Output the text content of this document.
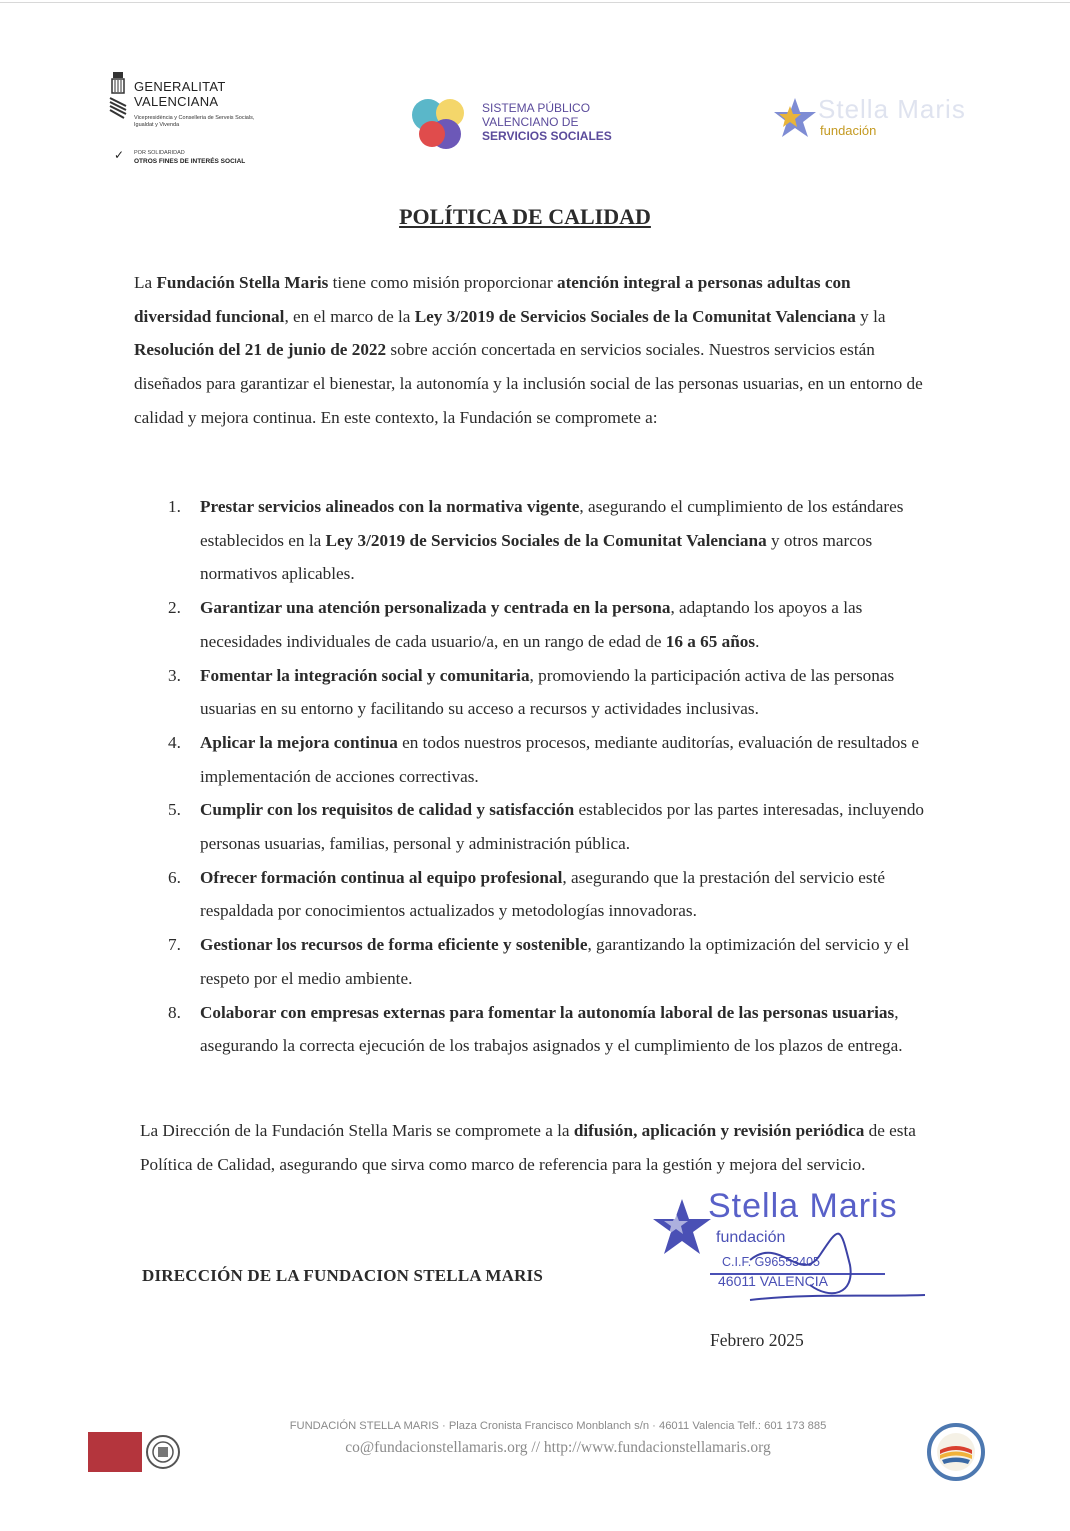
GENERALITAT
VALENCIANA
Vicepresidència y Conselleria de Serveis Socials, Igualdat y Vivenda
✓ POR SOLIDARIDAD
OTROS FINES DE INTERÉS SOCIAL
SISTEMA PÚBLICO
VALENCIANO DE
SERVICIOS SOCIALES
Stella Maris
fundación
POLÍTICA DE CALIDAD
La Fundación Stella Maris tiene como misión proporcionar atención integral a personas adultas con diversidad funcional, en el marco de la Ley 3/2019 de Servicios Sociales de la Comunitat Valenciana y la Resolución del 21 de junio de 2022 sobre acción concertada en servicios sociales. Nuestros servicios están diseñados para garantizar el bienestar, la autonomía y la inclusión social de las personas usuarias, en un entorno de calidad y mejora continua. En este contexto, la Fundación se compromete a:
1. Prestar servicios alineados con la normativa vigente, asegurando el cumplimiento de los estándares establecidos en la Ley 3/2019 de Servicios Sociales de la Comunitat Valenciana y otros marcos normativos aplicables.
2. Garantizar una atención personalizada y centrada en la persona, adaptando los apoyos a las necesidades individuales de cada usuario/a, en un rango de edad de 16 a 65 años.
3. Fomentar la integración social y comunitaria, promoviendo la participación activa de las personas usuarias en su entorno y facilitando su acceso a recursos y actividades inclusivas.
4. Aplicar la mejora continua en todos nuestros procesos, mediante auditorías, evaluación de resultados e implementación de acciones correctivas.
5. Cumplir con los requisitos de calidad y satisfacción establecidos por las partes interesadas, incluyendo personas usuarias, familias, personal y administración pública.
6. Ofrecer formación continua al equipo profesional, asegurando que la prestación del servicio esté respaldada por conocimientos actualizados y metodologías innovadoras.
7. Gestionar los recursos de forma eficiente y sostenible, garantizando la optimización del servicio y el respeto por el medio ambiente.
8. Colaborar con empresas externas para fomentar la autonomía laboral de las personas usuarias, asegurando la correcta ejecución de los trabajos asignados y el cumplimiento de los plazos de entrega.
La Dirección de la Fundación Stella Maris se compromete a la difusión, aplicación y revisión periódica de esta Política de Calidad, asegurando que sirva como marco de referencia para la gestión y mejora del servicio.
Stella Maris
fundación
C.I.F. G96553405
46011 VALENCIA
DIRECCIÓN DE LA FUNDACION STELLA MARIS
Febrero 2025
FUNDACIÓN STELLA MARIS · Plaza Cronista Francisco Monblanch s/n · 46011 Valencia Telf.: 601 173 885
co@fundacionstellamaris.org // http://www.fundacionstellamaris.org
